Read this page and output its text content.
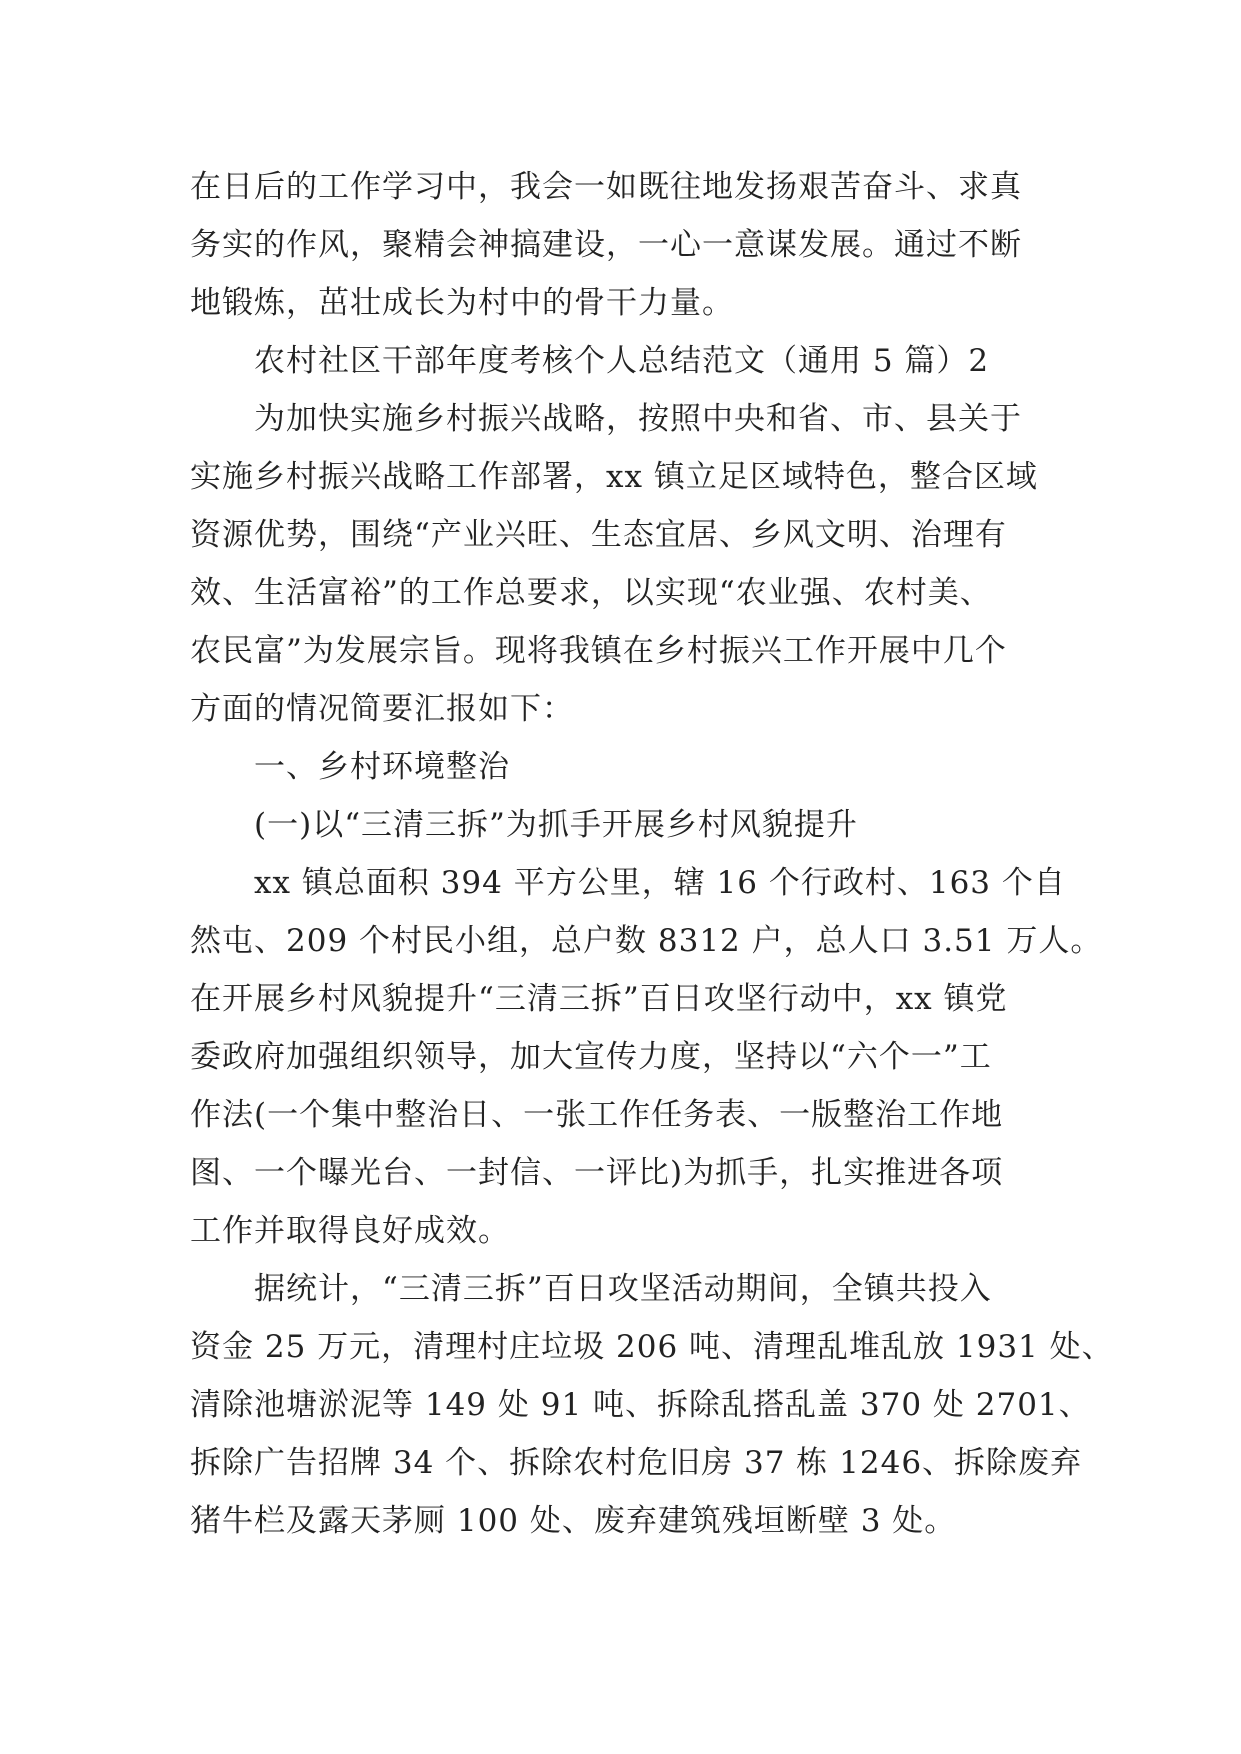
在日后的工作学习中，我会一如既往地发扬艰苦奋斗、求真
务实的作风，聚精会神搞建设，一心一意谋发展。通过不断
地锻炼，茁壮成长为村中的骨干力量。
农村社区干部年度考核个人总结范文（通用 5 篇）2
为加快实施乡村振兴战略，按照中央和省、市、县关于
实施乡村振兴战略工作部署，xx 镇立足区域特色，整合区域
资源优势，围绕“产业兴旺、生态宜居、乡风文明、治理有
效、生活富裕”的工作总要求，以实现“农业强、农村美、
农民富”为发展宗旨。现将我镇在乡村振兴工作开展中几个
方面的情况简要汇报如下：
一、乡村环境整治
(一)以“三清三拆”为抓手开展乡村风貌提升
xx 镇总面积 394 平方公里，辖 16 个行政村、163 个自
然屯、209 个村民小组，总户数 8312 户，总人口 3.51 万人。
在开展乡村风貌提升“三清三拆”百日攻坚行动中，xx 镇党
委政府加强组织领导，加大宣传力度，坚持以“六个一”工
作法(一个集中整治日、一张工作任务表、一版整治工作地
图、一个曝光台、一封信、一评比)为抓手，扎实推进各项
工作并取得良好成效。
据统计，“三清三拆”百日攻坚活动期间，全镇共投入
资金 25 万元，清理村庄垃圾 206 吨、清理乱堆乱放 1931 处、
清除池塘淤泥等 149 处 91 吨、拆除乱搭乱盖 370 处 2701、
拆除广告招牌 34 个、拆除农村危旧房 37 栋 1246、拆除废弃
猪牛栏及露天茅厕 100 处、废弃建筑残垣断壁 3 处。
